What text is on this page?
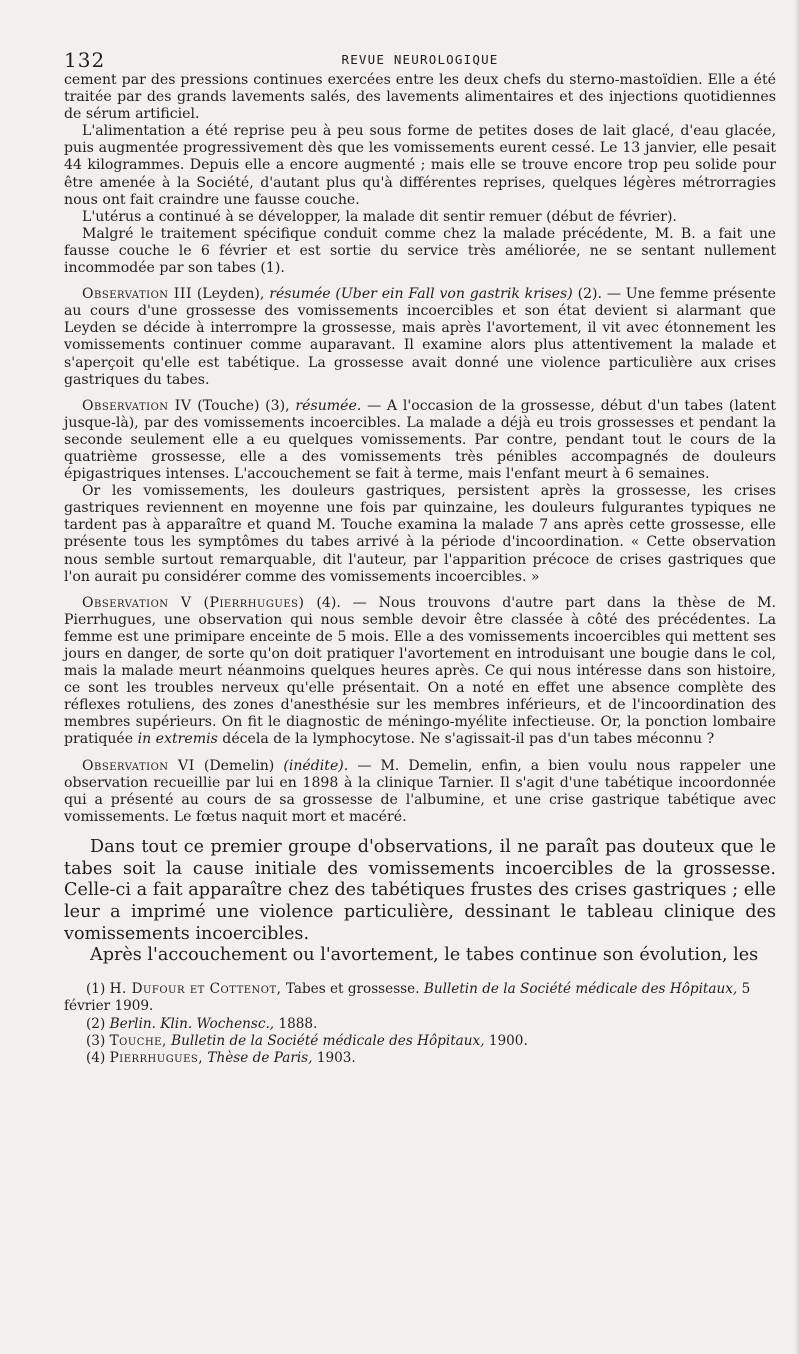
132	REVUE NEUROLOGIQUE

cement par des pressions continues exercées entre les deux chefs du sterno-mastoïdien. Elle a été traitée par des grands lavements salés, des lavements alimentaires et des injections quotidiennes de sérum artificiel.

L'alimentation a été reprise peu à peu sous forme de petites doses de lait glacé, d'eau glacée, puis augmentée progressivement dès que les vomissements eurent cessé. Le 13 janvier, elle pesait 44 kilogrammes. Depuis elle a encore augmenté ; mais elle se trouve encore trop peu solide pour être amenée à la Société, d'autant plus qu'à différentes reprises, quelques légères métrorragies nous ont fait craindre une fausse couche.

L'utérus a continué à se développer, la malade dit sentir remuer (début de février).

Malgré le traitement spécifique conduit comme chez la malade précédente, M. B. a fait une fausse couche le 6 février et est sortie du service très améliorée, ne se sentant nullement incommodée par son tabes (1).

Observation III (Leyden), résumée (Uber ein Fall von gastrik krises) (2). — Une femme présente au cours d'une grossesse des vomissements incoercibles et son état devient si alarmant que Leyden se décide à interrompre la grossesse, mais après l'avortement, il vit avec étonnement les vomissements continuer comme auparavant. Il examine alors plus attentivement la malade et s'aperçoit qu'elle est tabétique. La grossesse avait donné une violence particulière aux crises gastriques du tabes.

Observation IV (Touche) (3), résumée. — A l'occasion de la grossesse, début d'un tabes (latent jusque-là), par des vomissements incoercibles. La malade a déjà eu trois grossesses et pendant la seconde seulement elle a eu quelques vomissements. Par contre, pendant tout le cours de la quatrième grossesse, elle a des vomissements très pénibles accompagnés de douleurs épigastriques intenses. L'accouchement se fait à terme, mais l'enfant meurt à 6 semaines.

Or les vomissements, les douleurs gastriques, persistent après la grossesse, les crises gastriques reviennent en moyenne une fois par quinzaine, les douleurs fulgurantes typiques ne tardent pas à apparaître et quand M. Touche examina la malade 7 ans après cette grossesse, elle présente tous les symptômes du tabes arrivé à la période d'incoordination. « Cette observation nous semble surtout remarquable, dit l'auteur, par l'apparition précoce de crises gastriques que l'on aurait pu considérer comme des vomissements incoercibles. »

Observation V (Pierrhugues) (4). — Nous trouvons d'autre part dans la thèse de M. Pierrhugues, une observation qui nous semble devoir être classée à côté des précédentes. La femme est une primipare enceinte de 5 mois. Elle a des vomissements incoercibles qui mettent ses jours en danger, de sorte qu'on doit pratiquer l'avortement en introduisant une bougie dans le col, mais la malade meurt néanmoins quelques heures après. Ce qui nous intéresse dans son histoire, ce sont les troubles nerveux qu'elle présentait. On a noté en effet une absence complète des réflexes rotuliens, des zones d'anesthésie sur les membres inférieurs, et de l'incoordination des membres supérieurs. On fit le diagnostic de méningo-myélite infectieuse. Or, la ponction lombaire pratiquée in extremis décela de la lymphocytose. Ne s'agissait-il pas d'un tabes méconnu ?

Observation VI (Demelin) (inédite). — M. Demelin, enfin, a bien voulu nous rappeler une observation recueillie par lui en 1898 à la clinique Tarnier. Il s'agit d'une tabétique incoordonnée qui a présenté au cours de sa grossesse de l'albumine, et une crise gastrique tabétique avec vomissements. Le fœtus naquit mort et macéré.

Dans tout ce premier groupe d'observations, il ne paraît pas douteux que le tabes soit la cause initiale des vomissements incoercibles de la grossesse. Celle-ci a fait apparaître chez des tabétiques frustes des crises gastriques ; elle leur a imprimé une violence particulière, dessinant le tableau clinique des vomissements incoercibles.

Après l'accouchement ou l'avortement, le tabes continue son évolution, les

(1) H. Dufour et Cottenot, Tabes et grossesse. Bulletin de la Société médicale des Hôpitaux, 5 février 1909.

(2) Berlin. Klin. Wochensc., 1888.

(3) Touche, Bulletin de la Société médicale des Hôpitaux, 1900.

(4) Pierrhugues, Thèse de Paris, 1903.
